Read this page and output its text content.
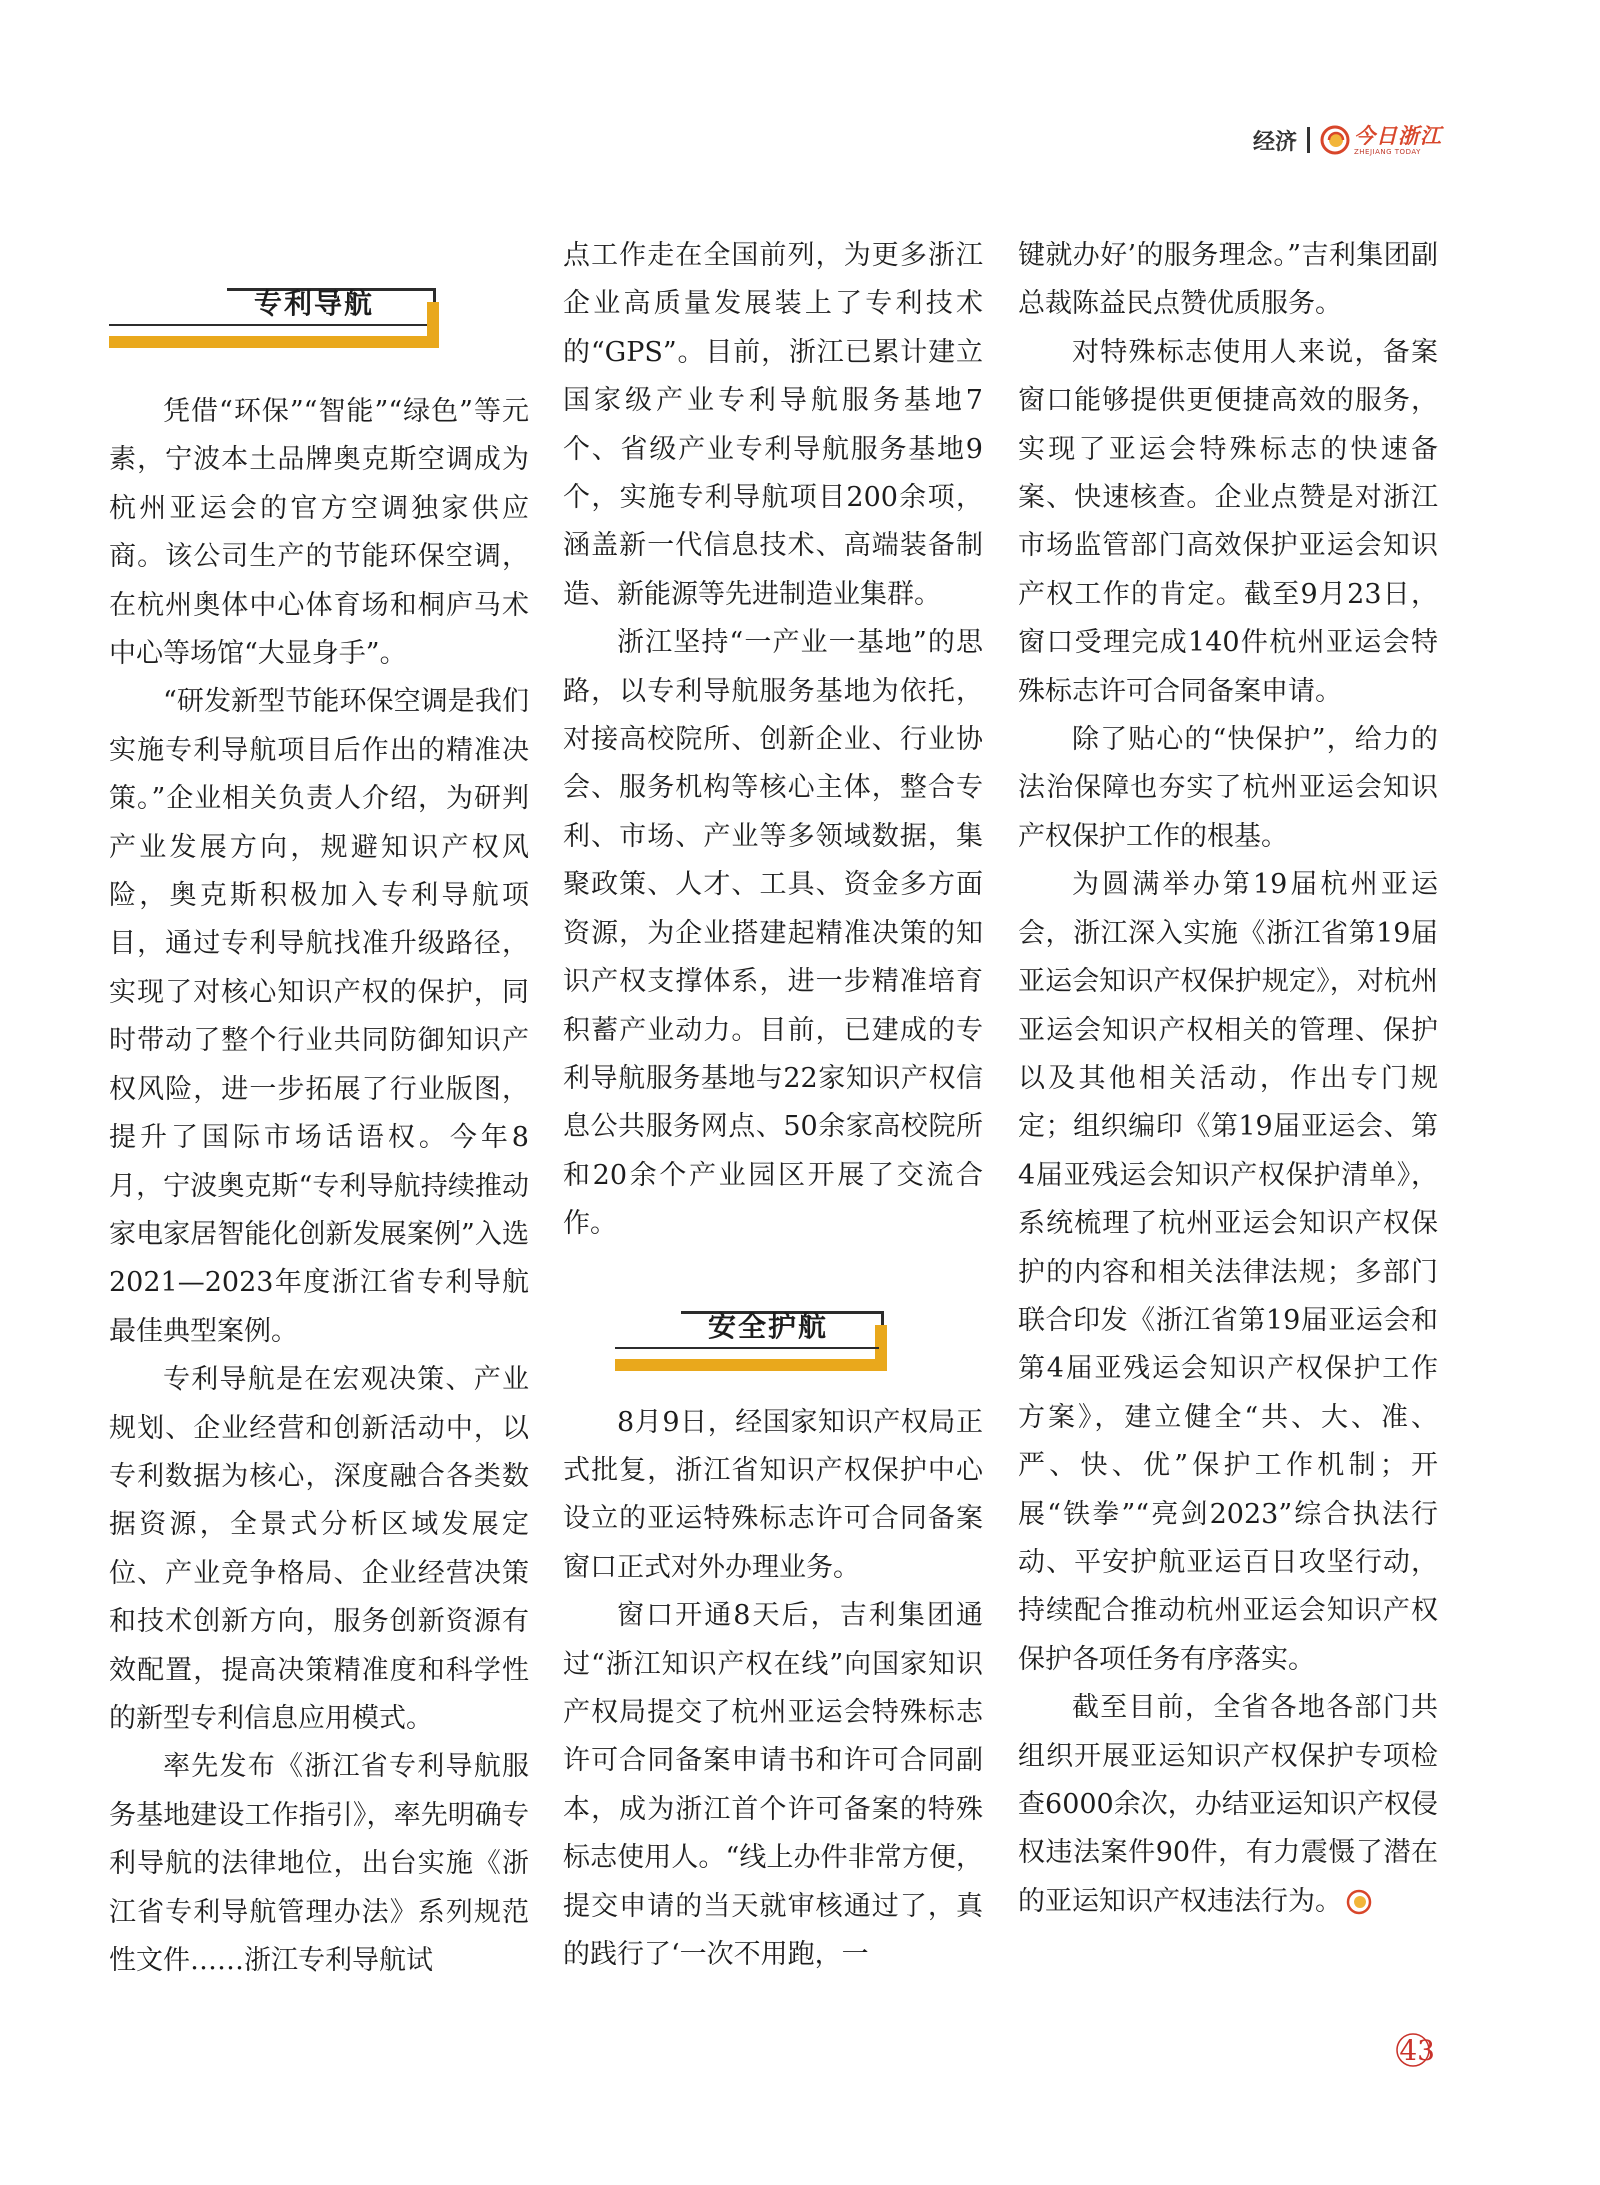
经济	今日浙江
ZHEJIANG TODAY
专利导航

凭借“环保”“智能”“绿色”等元素，宁波本土品牌奥克斯空调成为杭州亚运会的官方空调独家供应商。该公司生产的节能环保空调，在杭州奥体中心体育场和桐庐马术中心等场馆“大显身手”。

“研发新型节能环保空调是我们实施专利导航项目后作出的精准决策。”企业相关负责人介绍，为研判产业发展方向，规避知识产权风险，奥克斯积极加入专利导航项目，通过专利导航找准升级路径，实现了对核心知识产权的保护，同时带动了整个行业共同防御知识产权风险，进一步拓展了行业版图，提升了国际市场话语权。今年8月，宁波奥克斯“专利导航持续推动家电家居智能化创新发展案例”入选2021—2023年度浙江省专利导航最佳典型案例。

专利导航是在宏观决策、产业规划、企业经营和创新活动中，以专利数据为核心，深度融合各类数据资源，全景式分析区域发展定位、产业竞争格局、企业经营决策和技术创新方向，服务创新资源有效配置，提高决策精准度和科学性的新型专利信息应用模式。

率先发布《浙江省专利导航服务基地建设工作指引》，率先明确专利导航的法律地位，出台实施《浙江省专利导航管理办法》系列规范性文件……浙江专利导航试

点工作走在全国前列，为更多浙江企业高质量发展装上了专利技术的“GPS”。目前，浙江已累计建立国家级产业专利导航服务基地7个、省级产业专利导航服务基地9个，实施专利导航项目200余项，涵盖新一代信息技术、高端装备制造、新能源等先进制造业集群。

浙江坚持“一产业一基地”的思路，以专利导航服务基地为依托，对接高校院所、创新企业、行业协会、服务机构等核心主体，整合专利、市场、产业等多领域数据，集聚政策、人才、工具、资金多方面资源，为企业搭建起精准决策的知识产权支撑体系，进一步精准培育积蓄产业动力。目前，已建成的专利导航服务基地与22家知识产权信息公共服务网点、50余家高校院所和20余个产业园区开展了交流合作。

安全护航

8月9日，经国家知识产权局正式批复，浙江省知识产权保护中心设立的亚运特殊标志许可合同备案窗口正式对外办理业务。

窗口开通8天后，吉利集团通过“浙江知识产权在线”向国家知识产权局提交了杭州亚运会特殊标志许可合同备案申请书和许可合同副本，成为浙江首个许可备案的特殊标志使用人。“线上办件非常方便，提交申请的当天就审核通过了，真的践行了‘一次不用跑，一

键就办好’的服务理念。”吉利集团副总裁陈益民点赞优质服务。

对特殊标志使用人来说，备案窗口能够提供更便捷高效的服务，实现了亚运会特殊标志的快速备案、快速核查。企业点赞是对浙江市场监管部门高效保护亚运会知识产权工作的肯定。截至9月23日，窗口受理完成140件杭州亚运会特殊标志许可合同备案申请。

除了贴心的“快保护”，给力的法治保障也夯实了杭州亚运会知识产权保护工作的根基。

为圆满举办第19届杭州亚运会，浙江深入实施《浙江省第19届亚运会知识产权保护规定》，对杭州亚运会知识产权相关的管理、保护以及其他相关活动，作出专门规定；组织编印《第19届亚运会、第4届亚残运会知识产权保护清单》，系统梳理了杭州亚运会知识产权保护的内容和相关法律法规；多部门联合印发《浙江省第19届亚运会和第4届亚残运会知识产权保护工作方案》，建立健全“共、大、准、严、快、优”保护工作机制；开展“铁拳”“亮剑2023”综合执法行动、平安护航亚运百日攻坚行动，持续配合推动杭州亚运会知识产权保护各项任务有序落实。

截至目前，全省各地各部门共组织开展亚运知识产权保护专项检查6000余次，办结亚运知识产权侵权违法案件90件，有力震慑了潜在的亚运知识产权违法行为。

43
